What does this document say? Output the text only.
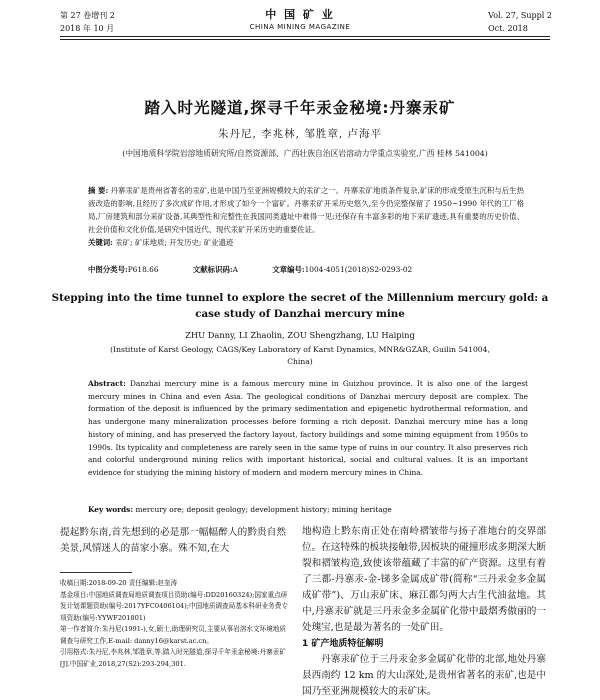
第 27 卷增刊 2
2018 年 10 月
中 国 矿 业
CHINA MINING MAGAZINE
Vol. 27, Suppl 2
Oct. 2018
踏入时光隧道,探寻千年汞金秘境:丹寨汞矿
朱丹尼, 李兆林, 邹胜章, 卢海平
(中国地质科学院岩溶地质研究所/自然资源部、广西壮族自治区岩溶动力学重点实验室,广西 桂林 541004)
摘 要: 丹寨汞矿是贵州省著名的汞矿,也是中国乃至亚洲规模较大的汞矿之一。丹寨汞矿地质条件复杂,矿床的形成受原生沉积与后生热液改造的影响,且经历了多次成矿作用,才形成了如今一个富矿。丹寨汞矿开采历史悠久,至今仍完整保留了 1950~1990 年代的工厂格局,厂房建筑和部分采矿设备,其典型性和完整性在我国同类遗址中难得一见;还保存有丰富多彩的地下采矿遗迹,具有重要的历史价值、社会价值和文化价值,是研究中国近代、现代汞矿开采历史的重要佐证。
关键词: 汞矿; 矿床地质; 开发历史; 矿业遗迹
中图分类号:P618.66	文献标识码:A	文章编号:1004-4051(2018)S2-0293-02
Stepping into the time tunnel to explore the secret of the Millennium mercury gold: a case study of Danzhai mercury mine
ZHU Danny, LI Zhaolin, ZOU Shengzhang, LU Haiping
(Institute of Karst Geology, CAGS/Key Laboratory of Karst Dynamics, MNR&GZAR, Guilin 541004, China)
Abstract: Danzhai mercury mine is a famous mercury mine in Guizhou province. It is also one of the largest mercury mines in China and even Asia. The geological conditions of Danzhai mercury deposit are complex. The formation of the deposit is influenced by the primary sedimentation and epigenetic hydrothermal reformation, and has undergone many mineralization processes before forming a rich deposit. Danzhai mercury mine has a long history of mining, and has preserved the factory layout, factory buildings and some mining equipment from 1950s to 1990s. Its typicality and completeness are rarely seen in the same type of ruins in our country. It also preserves rich and colorful underground mining relics with important historical, social and cultural values. It is an important evidence for studying the mining history of modern and modern mercury mines in China.
Key words: mercury ore; deposit geology; development history; mining heritage
提起黔东南,首先想到的必是那一幅幅醉人的黔贵自然美景,风情迷人的苗家小寨。殊不知,在大
收稿日期:2018-09-20 责任编辑:赵奎涛
基金项目:中国地质调查局地质调查项目资助(编号:DD20160324);国家重点研发计划课题资助(编号:2017YFC0406104);中国地质调查局基本科研业务费专项资助(编号:YYWF201801)
第一作者简介:朱丹尼(1991-),女,硕士,助理研究员,主要从事岩溶水文环境地质调查与研究工作,E-mail: danny16@karst.ac.cn。
引用格式:朱丹尼,李兆林,邹胜章,等.踏入时光隧道,探寻千年汞金秘境:丹寨汞矿[J].中国矿业,2018,27(S2):293-294,301.
地构造上黔东南正处在南岭褶皱带与扬子准地台的交界部位。在这特殊的板块接触带,因板块的碰撞形成多期深大断裂和褶皱构造,致使该带蕴藏了丰富的矿产资源。这里有着了三都-丹寨汞-金-锑多金属成矿带(简称“三丹汞金多金属成矿带”)、万山汞矿床、麻江都匀两大古生代油盆地。其中,丹寨汞矿就是三丹汞金多金属矿化带中最熠秀傲丽的一处瑰宝,也是最为著名的一处矿田。
1 矿产地质特征解明
丹寨汞矿位于三丹汞金多金属矿化带的北部,地处丹寨县西南约 12 km 的大山深处,是贵州省著名的汞矿,也是中国乃至亚洲规模较大的汞矿床。
